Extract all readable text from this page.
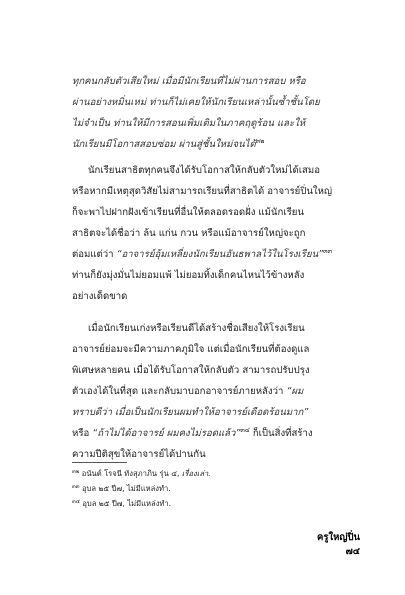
ทุกคนกลับตัวเสียใหม่ เมื่อมีนักเรียนที่ไม่ผ่านการสอบ หรือ
ผ่านอย่างหมิ่นเหม่ ท่านก็ไม่เคยให้นักเรียนเหล่านั้นซ้ำชั้นโดย
ไม่จำเป็น ท่านให้มีการสอนเพิ่มเติมในภาคฤดูร้อน และให้
นักเรียนมีโอกาสสอบซ่อม ผ่านสู่ชั้นใหม่จนได้$^{๓๒}$
นักเรียนสาธิตทุกคนจึงได้รับโอกาสให้กลับตัวใหม่ได้เสมอ
หรือหากมีเหตุสุดวิสัยไม่สามารถเรียนที่สาธิตได้ อาจารย์ปิ่นใหญ่
ก็จะพาไปฝากฝังเข้าเรียนที่อื่นให้ตลอดรอดฝั่ง แม้นักเรียน
สาธิตจะได้ชื่อว่า ล้น แก่น กวน หรือแม้อาจารย์ใหญ่จะถูก
ต่อมแต่ว่า “อาจารย์อุ้มเหลี่ยงนักเรียนอันธพาลไว้ในโรงเรียน”$^{๓๓}$
ท่านก็ยังมุ่งมั่นไม่ยอมแพ้ ไม่ยอมทิ้งเด็กคนไหนไว้ข้างหลัง
อย่างเด็ดขาด
เมื่อนักเรียนเก่งหรือเรียนดีได้สร้างชื่อเสียงให้โรงเรียน
อาจารย์ย่อมจะมีความภาคภูมิใจ แต่เมื่อนักเรียนที่ต้องดูแล
พิเศษหลายคน เมื่อได้รับโอกาสให้กลับตัว สามารถปรับปรุง
ตัวเองได้ในที่สุด และกลับมาบอกอาจารย์ภายหลังว่า “ผม
ทราบดีว่า เมื่อเป็นนักเรียนผมทำให้อาจารย์เดือดร้อนมาก”
หรือ “ถ้าไม่ได้อาจารย์ ผมคงไม่รอดแล้ว”$^{๓๔}$ ก็เป็นสิ่งที่สร้าง
ความปีติสุขให้อาจารย์ได้ปานกัน
$^{๓๒}$ อนันต์ โรจนี ทังสุภาภิน รุ่น ๔, เรื่องเล่า.
$^{๓๓}$ อุบล ๒๕ ปี๗, ไม่มีแหล่งทำ.
$^{๓๔}$ อุบล ๒๕ ปี๗, ไม่มีแหล่งทำ.
ครูใหญ่ปิ่น ๗๔
